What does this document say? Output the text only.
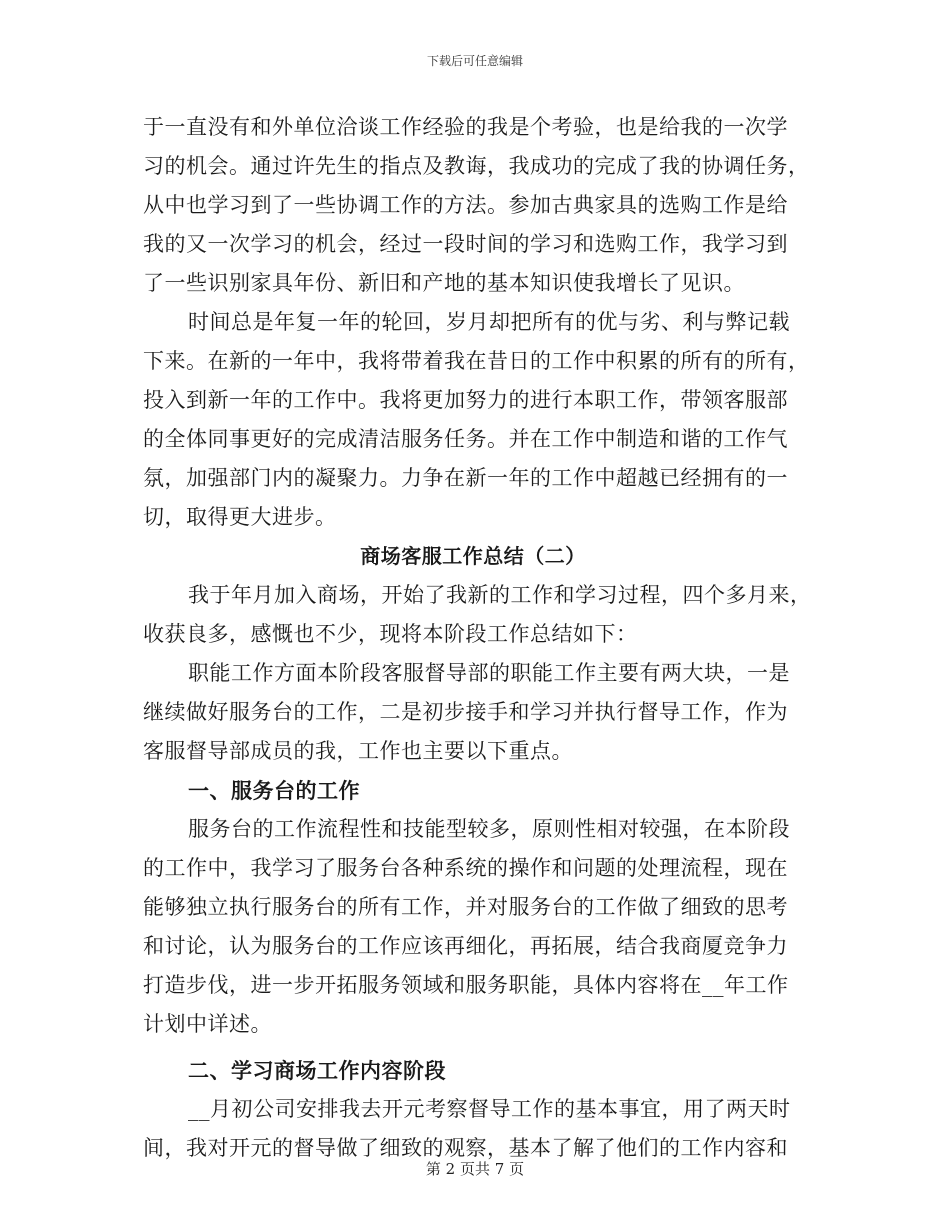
下载后可任意编辑
于一直没有和外单位洽谈工作经验的我是个考验，也是给我的一次学
习的机会。通过许先生的指点及教诲，我成功的完成了我的协调任务，
从中也学习到了一些协调工作的方法。参加古典家具的选购工作是给
我的又一次学习的机会，经过一段时间的学习和选购工作，我学习到
了一些识别家具年份、新旧和产地的基本知识使我增长了见识。
时间总是年复一年的轮回，岁月却把所有的优与劣、利与弊记载
下来。在新的一年中，我将带着我在昔日的工作中积累的所有的所有，
投入到新一年的工作中。我将更加努力的进行本职工作，带领客服部
的全体同事更好的完成清洁服务任务。并在工作中制造和谐的工作气
氛，加强部门内的凝聚力。力争在新一年的工作中超越已经拥有的一
切，取得更大进步。
商场客服工作总结（二）
我于年月加入商场，开始了我新的工作和学习过程，四个多月来，
收获良多，感慨也不少，现将本阶段工作总结如下：
职能工作方面本阶段客服督导部的职能工作主要有两大块，一是
继续做好服务台的工作，二是初步接手和学习并执行督导工作，作为
客服督导部成员的我，工作也主要以下重点。
一、服务台的工作
服务台的工作流程性和技能型较多，原则性相对较强，在本阶段
的工作中，我学习了服务台各种系统的操作和问题的处理流程，现在
能够独立执行服务台的所有工作，并对服务台的工作做了细致的思考
和讨论，认为服务台的工作应该再细化，再拓展，结合我商厦竞争力
打造步伐，进一步开拓服务领域和服务职能，具体内容将在__年工作
计划中详述。
二、学习商场工作内容阶段
__月初公司安排我去开元考察督导工作的基本事宜，用了两天时
间，我对开元的督导做了细致的观察，基本了解了他们的工作内容和
第 2 页共 7 页
